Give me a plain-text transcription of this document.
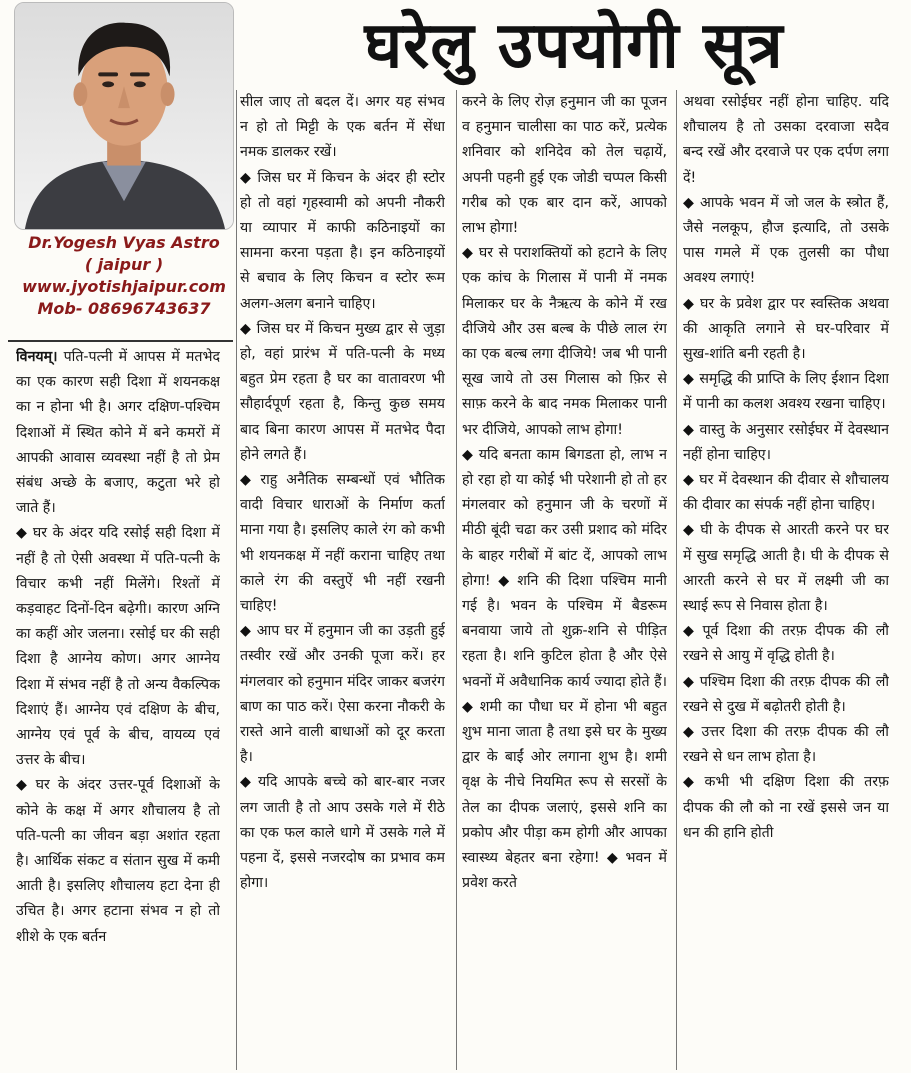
घरेलु उपयोगी सूत्र
Dr.Yogesh Vyas Astro
( jaipur )
www.jyotishjaipur.com
Mob- 08696743637

विनयम्। पति-पत्नी में आपस में मतभेद का एक कारण सही दिशा में शयनकक्ष का न होना भी है। अगर दक्षिण-पश्चिम दिशाओं में स्थित कोने में बने कमरों में आपकी आवास व्यवस्था नहीं है तो प्रेम संबंध अच्छे के बजाए, कटुता भरे हो जाते हैं।

◆ घर के अंदर यदि रसोई सही दिशा में नहीं है तो ऐसी अवस्था में पति-पत्नी के विचार कभी नहीं मिलेंगे। रिश्तों में कड़वाहट दिनों-दिन बढ़ेगी। कारण अग्नि का कहीं ओर जलना। रसोई घर की सही दिशा है आग्नेय कोण। अगर आग्नेय दिशा में संभव नहीं है तो अन्य वैकल्पिक दिशाएं हैं। आग्नेय एवं दक्षिण के बीच, आग्नेय एवं पूर्व के बीच, वायव्य एवं उत्तर के बीच।

◆ घर के अंदर उत्तर-पूर्व दिशाओं के कोने के कक्ष में अगर शौचालय है तो पति-पत्नी का जीवन बड़ा अशांत रहता है। आर्थिक संकट व संतान सुख में कमी आती है। इसलिए शौचालय हटा देना ही उचित है। अगर हटाना संभव न हो तो शीशे के एक बर्तन

सील जाए तो बदल दें। अगर यह संभव न हो तो मिट्टी के एक बर्तन में सेंधा नमक डालकर रखें।

◆ जिस घर में किचन के अंदर ही स्टोर हो तो वहां गृहस्वामी को अपनी नौकरी या व्यापार में काफी कठिनाइयों का सामना करना पड़ता है। इन कठिनाइयों से बचाव के लिए किचन व स्टोर रूम अलग-अलग बनाने चाहिए।

◆ जिस घर में किचन मुख्य द्वार से जुड़ा हो, वहां प्रारंभ में पति-पत्नी के मध्य बहुत प्रेम रहता है घर का वातावरण भी सौहार्दपूर्ण रहता है, किन्तु कुछ समय बाद बिना कारण आपस में मतभेद पैदा होने लगते हैं।

◆ राहु अनैतिक सम्बन्धों एवं भौतिक वादी विचार धाराओं के निर्माण कर्ता माना गया है। इसलिए काले रंग को कभी भी शयनकक्ष में नहीं कराना चाहिए तथा काले रंग की वस्तुऐं भी नहीं रखनी चाहिए!

◆ आप घर में हनुमान जी का उड़ती हुई तस्वीर रखें और उनकी पूजा करें। हर मंगलवार को हनुमान मंदिर जाकर बजरंग बाण का पाठ करें। ऐसा करना नौकरी के रास्ते आने वाली बाधाओं को दूर करता है।

◆ यदि आपके बच्चे को बार-बार नजर लग जाती है तो आप उसके गले में रीठे का एक फल काले धागे में उसके गले में पहना दें, इससे नजरदोष का प्रभाव कम होगा।

करने के लिए रोज़ हनुमान जी का पूजन व हनुमान चालीसा का पाठ करें, प्रत्येक शनिवार को शनिदेव को तेल चढ़ायें, अपनी पहनी हुई एक जोडी चप्पल किसी गरीब को एक बार दान करें, आपको लाभ होगा!

◆ घर से पराशक्तियों को हटाने के लिए एक कांच के गिलास में पानी में नमक मिलाकर घर के नैऋत्य के कोने में रख दीजिये और उस बल्ब के पीछे लाल रंग का एक बल्ब लगा दीजिये! जब भी पानी सूख जाये तो उस गिलास को फ़िर से साफ़ करने के बाद नमक मिलाकर पानी भर दीजिये, आपको लाभ होगा!

◆ यदि बनता काम बिगडता हो, लाभ न हो रहा हो या कोई भी परेशानी हो तो हर मंगलवार को हनुमान जी के चरणों में मीठी बूंदी चढा कर उसी प्रशाद को मंदिर के बाहर गरीबों में बांट दें, आपको लाभ होगा! ◆ शनि की दिशा पश्चिम मानी गई है। भवन के पश्चिम में बैडरूम बनवाया जाये तो शुक्र-शनि से पीड़ित रहता है। शनि कुटिल होता है और ऐसे भवनों में अवैधानिक कार्य ज्यादा होते हैं। ◆ शमी का पौधा घर में होना भी बहुत शुभ माना जाता है तथा इसे घर के मुख्य द्वार के बाईं ओर लगाना शुभ है। शमी वृक्ष के नीचे नियमित रूप से सरसों के तेल का दीपक जलाएं, इससे शनि का प्रकोप और पीड़ा कम होगी और आपका स्वास्थ्य बेहतर बना रहेगा! ◆ भवन में प्रवेश करते

अथवा रसोईघर नहीं होना चाहिए. यदि शौचालय है तो उसका दरवाजा सदैव बन्द रखें और दरवाजे पर एक दर्पण लगा दें!

◆ आपके भवन में जो जल के स्त्रोत हैं, जैसे नलकूप, हौज इत्यादि, तो उसके पास गमले में एक तुलसी का पौधा अवश्य लगाएं!

◆ घर के प्रवेश द्वार पर स्वस्तिक अथवा की आकृति लगाने से घर-परिवार में सुख-शांति बनी रहती है।

◆ समृद्धि की प्राप्ति के लिए ईशान दिशा में पानी का कलश अवश्य रखना चाहिए।

◆ वास्तु के अनुसार रसोईघर में देवस्थान नहीं होना चाहिए।

◆ घर में देवस्थान की दीवार से शौचालय की दीवार का संपर्क नहीं होना चाहिए।

◆ घी के दीपक से आरती करने पर घर में सुख समृद्धि आती है। घी के दीपक से आरती करने से घर में लक्ष्मी जी का स्थाई रूप से निवास होता है।

◆ पूर्व दिशा की तरफ़ दीपक की लौ रखने से आयु में वृद्धि होती है।

◆ पश्चिम दिशा की तरफ़ दीपक की लौ रखने से दुख में बढ़ोतरी होती है।

◆ उत्तर दिशा की तरफ़ दीपक की लौ रखने से धन लाभ होता है।

◆ कभी भी दक्षिण दिशा की तरफ़ दीपक की लौ को ना रखें इससे जन या धन की हानि होती
